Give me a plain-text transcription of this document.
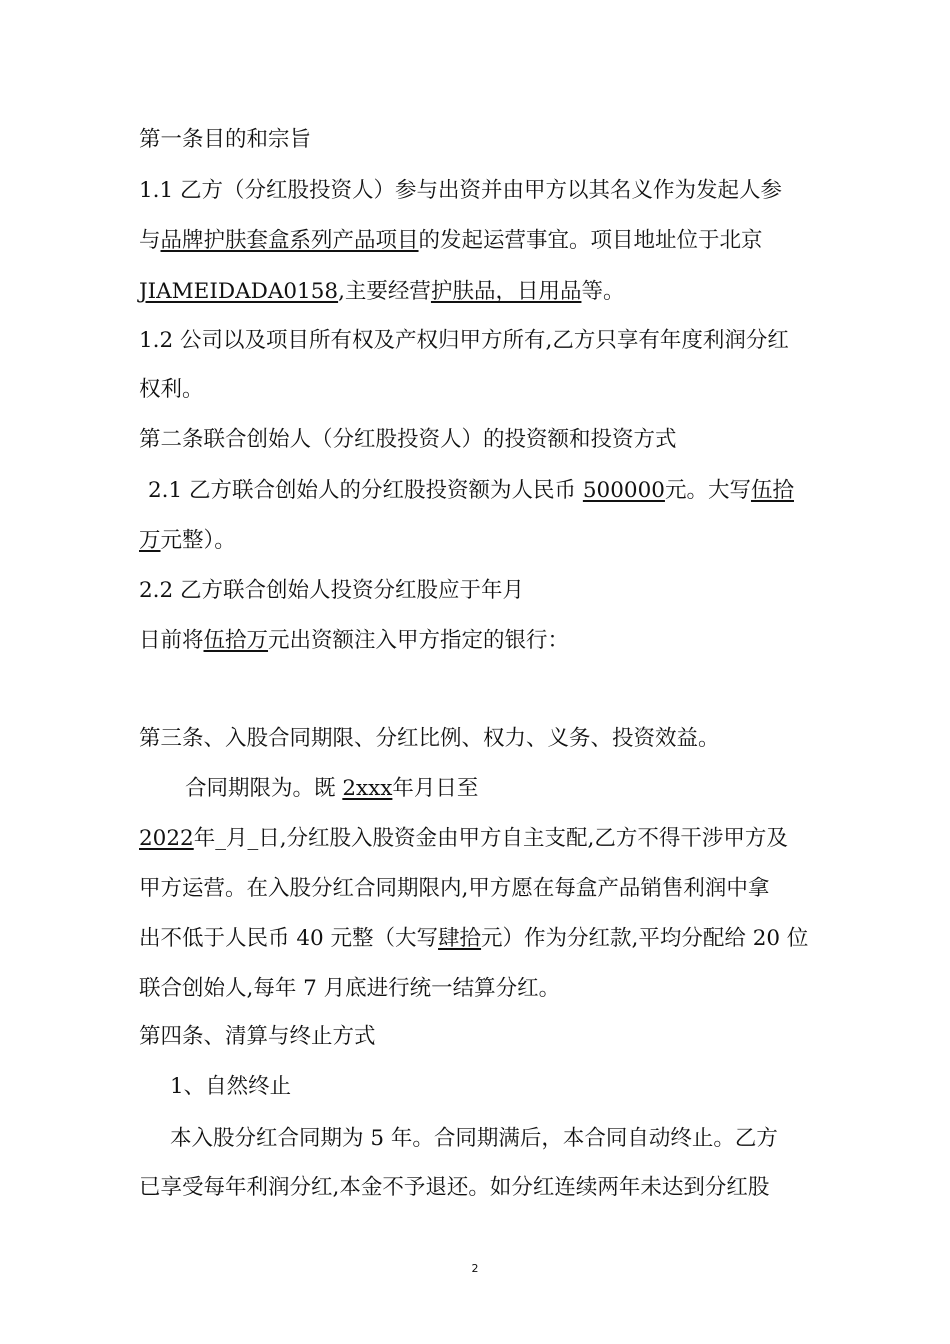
第一条目的和宗旨
1.1 乙方（分红股投资人）参与出资并由甲方以其名义作为发起人参
与品牌护肤套盒系列产品项目的发起运营事宜。项目地址位于北京
JIAMEIDADA0158,主要经营护肤品，日用品等。
1.2 公司以及项目所有权及产权归甲方所有,乙方只享有年度利润分红
权利。
第二条联合创始人（分红股投资人）的投资额和投资方式
2.1 乙方联合创始人的分红股投资额为人民币 500000元。大写伍拾
万元整）。
2.2 乙方联合创始人投资分红股应于年月
日前将伍拾万元出资额注入甲方指定的银行：
第三条、入股合同期限、分红比例、权力、义务、投资效益。
合同期限为。既 2xxx年月日至
2022年_月_日,分红股入股资金由甲方自主支配,乙方不得干涉甲方及
甲方运营。在入股分红合同期限内,甲方愿在每盒产品销售利润中拿
出不低于人民币 40 元整（大写肆拾元）作为分红款,平均分配给 20 位
联合创始人,每年 7 月底进行统一结算分红。
第四条、清算与终止方式
1、自然终止
本入股分红合同期为 5 年。合同期满后，本合同自动终止。乙方
已享受每年利润分红,本金不予退还。如分红连续两年未达到分红股
2
